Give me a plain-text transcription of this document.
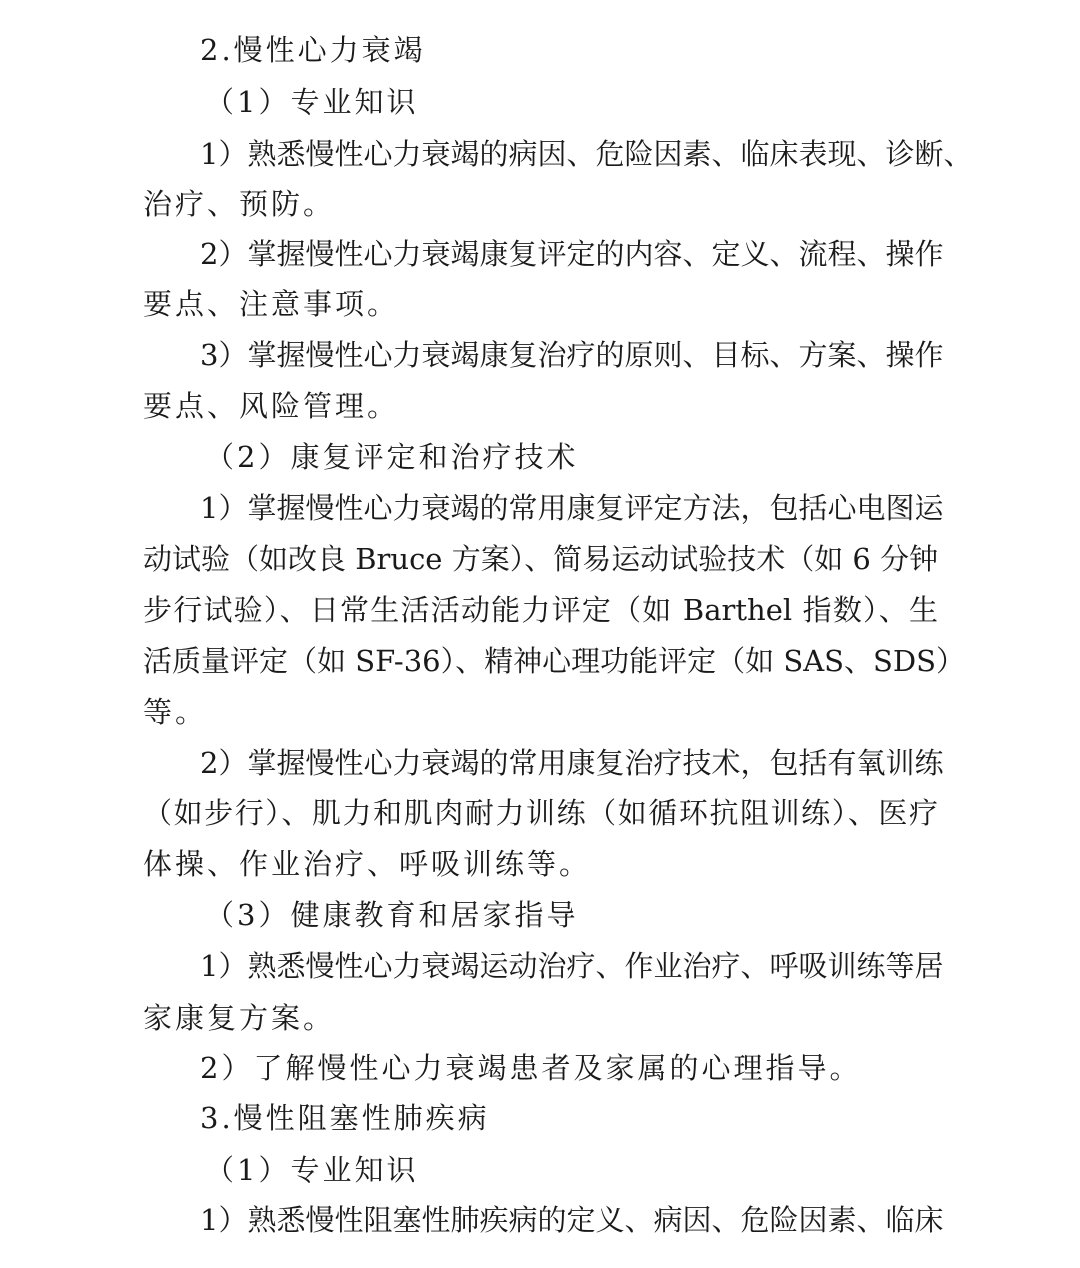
2.慢性心力衰竭
（1）专业知识
1）熟悉慢性心力衰竭的病因、危险因素、临床表现、诊断、
治疗、预防。
2）掌握慢性心力衰竭康复评定的内容、定义、流程、操作
要点、注意事项。
3）掌握慢性心力衰竭康复治疗的原则、目标、方案、操作
要点、风险管理。
（2）康复评定和治疗技术
1）掌握慢性心力衰竭的常用康复评定方法，包括心电图运
动试验（如改良 Bruce 方案）、简易运动试验技术（如 6 分钟
步行试验）、日常生活活动能力评定（如 Barthel 指数）、生
活质量评定（如 SF-36）、精神心理功能评定（如 SAS、SDS）
等。
2）掌握慢性心力衰竭的常用康复治疗技术，包括有氧训练
（如步行）、肌力和肌肉耐力训练（如循环抗阻训练）、医疗
体操、作业治疗、呼吸训练等。
（3）健康教育和居家指导
1）熟悉慢性心力衰竭运动治疗、作业治疗、呼吸训练等居
家康复方案。
2）了解慢性心力衰竭患者及家属的心理指导。
3.慢性阻塞性肺疾病
（1）专业知识
1）熟悉慢性阻塞性肺疾病的定义、病因、危险因素、临床
